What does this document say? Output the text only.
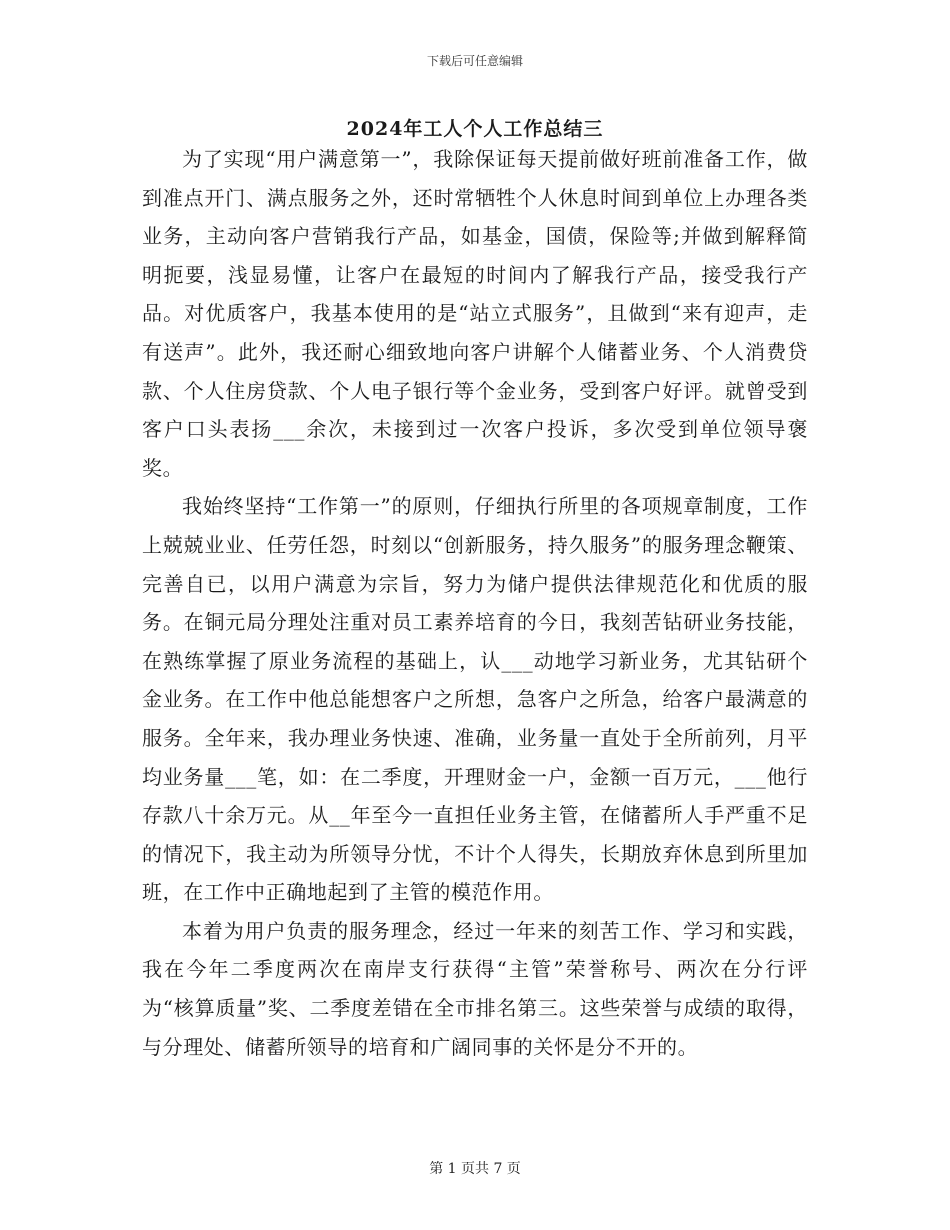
下载后可任意编辑
2024年工人个人工作总结三

为了实现“用户满意第一”，我除保证每天提前做好班前准备工作，做到准点开门、满点服务之外，还时常牺牲个人休息时间到单位上办理各类业务，主动向客户营销我行产品，如基金，国债，保险等;并做到解释简明扼要，浅显易懂，让客户在最短的时间内了解我行产品，接受我行产品。对优质客户，我基本使用的是“站立式服务”，且做到“来有迎声，走有送声”。此外，我还耐心细致地向客户讲解个人储蓄业务、个人消费贷款、个人住房贷款、个人电子银行等个金业务，受到客户好评。就曾受到客户口头表扬___余次，未接到过一次客户投诉，多次受到单位领导褒奖。

我始终坚持“工作第一”的原则，仔细执行所里的各项规章制度，工作上兢兢业业、任劳任怨，时刻以“创新服务，持久服务”的服务理念鞭策、完善自已，以用户满意为宗旨，努力为储户提供法律规范化和优质的服务。在铜元局分理处注重对员工素养培育的今日，我刻苦钻研业务技能，在熟练掌握了原业务流程的基础上，认___动地学习新业务，尤其钻研个金业务。在工作中他总能想客户之所想，急客户之所急，给客户最满意的服务。全年来，我办理业务快速、准确，业务量一直处于全所前列，月平均业务量___笔，如：在二季度，开理财金一户，金额一百万元，___他行存款八十余万元。从__年至今一直担任业务主管，在储蓄所人手严重不足的情况下，我主动为所领导分忧，不计个人得失，长期放弃休息到所里加班，在工作中正确地起到了主管的模范作用。

本着为用户负责的服务理念，经过一年来的刻苦工作、学习和实践，我在今年二季度两次在南岸支行获得“主管”荣誉称号、两次在分行评为“核算质量”奖、二季度差错在全市排名第三。这些荣誉与成绩的取得，与分理处、储蓄所领导的培育和广阔同事的关怀是分不开的。

第 1 页共 7 页
